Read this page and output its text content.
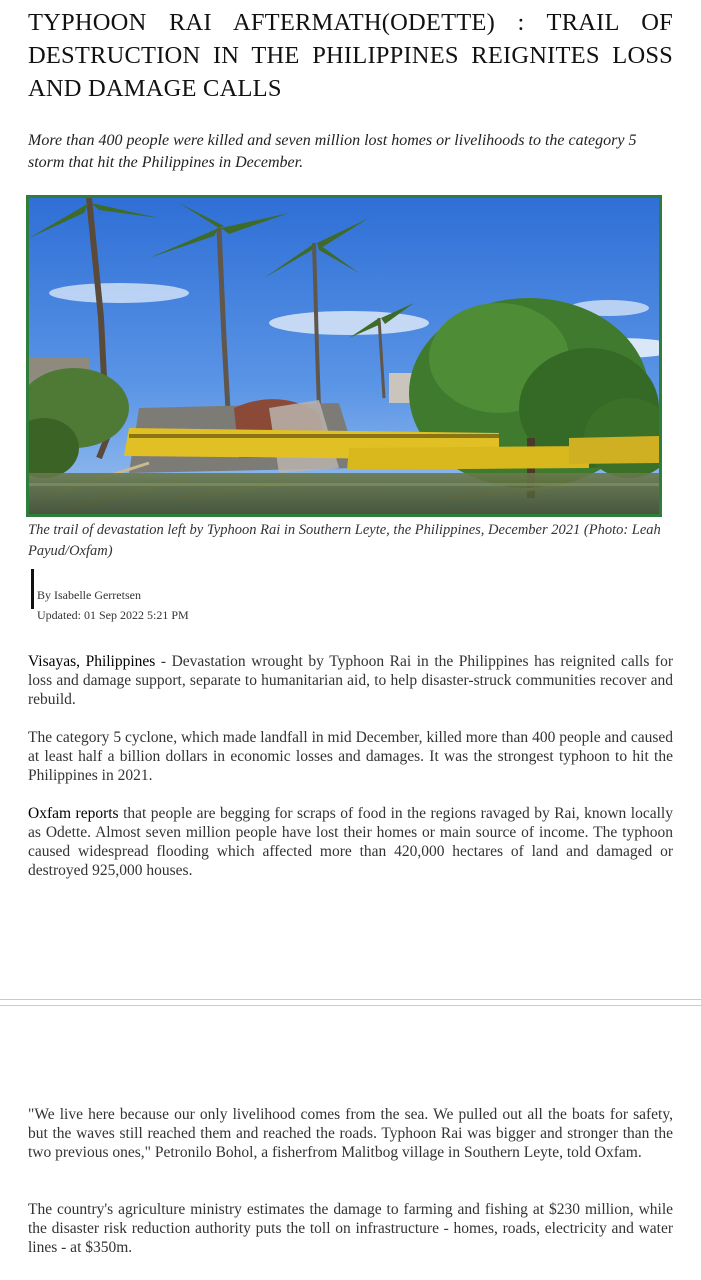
TYPHOON RAI AFTERMATH(ODETTE) : TRAIL OF DESTRUCTION IN THE PHILIPPINES REIGNITES LOSS AND DAMAGE CALLS

More than 400 people were killed and seven million lost homes or livelihoods to the category 5 storm that hit the Philippines in December.

The trail of devastation left by Typhoon Rai in Southern Leyte, the Philippines, December 2021 (Photo: Leah Payud/Oxfam)

By Isabelle Gerretsen
Updated: 01 Sep 2022 5:21 PM

Visayas, Philippines - Devastation wrought by Typhoon Rai in the Philippines has reignited calls for loss and damage support, separate to humanitarian aid, to help disaster-struck communities recover and rebuild.

The category 5 cyclone, which made landfall in mid December, killed more than 400 people and caused at least half a billion dollars in economic losses and damages. It was the strongest typhoon to hit the Philippines in 2021.

Oxfam reports that people are begging for scraps of food in the regions ravaged by Rai, known locally as Odette. Almost seven million people have lost their homes or main source of income. The typhoon caused widespread flooding which affected more than 420,000 hectares of land and damaged or destroyed 925,000 houses.

"We live here because our only livelihood comes from the sea. We pulled out all the boats for safety, but the waves still reached them and reached the roads. Typhoon Rai was bigger and stronger than the two previous ones," Petronilo Bohol, a fisherfrom Malitbog village in Southern Leyte, told Oxfam.

The country's agriculture ministry estimates the damage to farming and fishing at $230 million, while the disaster risk reduction authority puts the toll on infrastructure - homes, roads, electricity and water lines - at $350m.
